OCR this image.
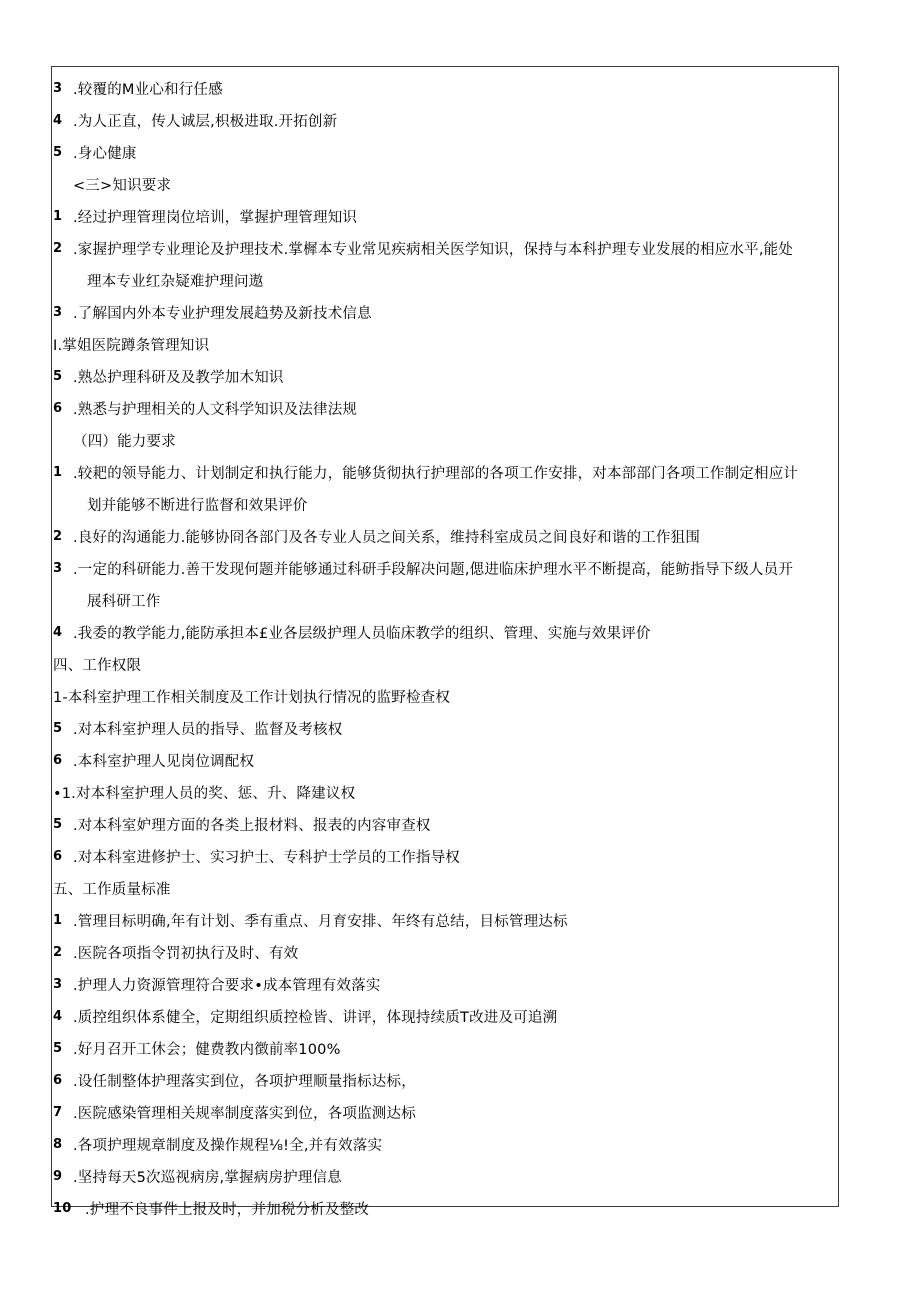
3 .较覆的M业心和行任感
4 .为人正直，传人诚层,枳极进取.开拓创新
5 .身心健康
<三>知识要求
1 .经过护理管理岗位培训，掌握护理管理知识
2 .家握护理学专业理论及护理技术.掌樨本专业常见疾病相关医学知识，保持与本科护理专业发展的相应水平,能处
理本专业红杂疑难护理问遨
3 .了解国内外本专业护理发展趋势及新技术信息
I.掌姐医院蹲条管理知识
5 .熟怂护理科研及及教学加木知识
6 .熟悉与护理相关的人文科学知识及法律法规
（四）能力要求
1 .较耙的领导能力、计划制定和执行能力，能够货彻执行护理部的各项工作安排，对本部部门各项工作制定相应计
划并能够不断进行监督和效果评价
2 .良好的沟通能力.能够协冏各部门及各专业人员之间关系，维持科室成员之间良好和谐的工作狙围
3 .一定的科研能力.善干发现何题并能够通过科研手段解决问题,偲进临床护理水平不断提高，能鲂指导下级人员开
展科研工作
4 .我委的教学能力,能防承担本£业各层级护理人员临床教学的组织、管理、实施与效果评价
四、工作权限
1-本科室护理工作相关制度及工作计划执行情况的监野检查权
5 .对本科室护理人员的指导、监督及考核权
6 .本科室护理人见岗位调配权
•1.对本科室护理人员的奖、惩、升、降建议权
5 .对本科室妒理方面的各类上报材料、报表的内容审查权
6 .对本科室进修护士、实习护士、专科护士学员的工作指导权
五、工作质量标准
1 .管理目标明确,年有计划、季有重点、月育安排、年终有总结，目标管理达标
2 .医院各项指令罚初执行及时、有效
3 .护理人力资源管理符合要求•成本管理有效落实
4 .质控组织体系健全，定期组织质控检皆、讲评，体现持续质T改进及可追溯
5 .好月召开工休会；健费教内徴前率100%
6 .设任制整体护理落实到位，各项护理顺量指标达标，
7 .医院感染管理相关规率制度落实到位，各项监测达标
8 .各项护理规章制度及操作规程⅛!全,并有效落实
9 .坚持每天5次巡视病房,掌握病房护理信息
10 .护理不良事件上报及时，并加税分析及整改
